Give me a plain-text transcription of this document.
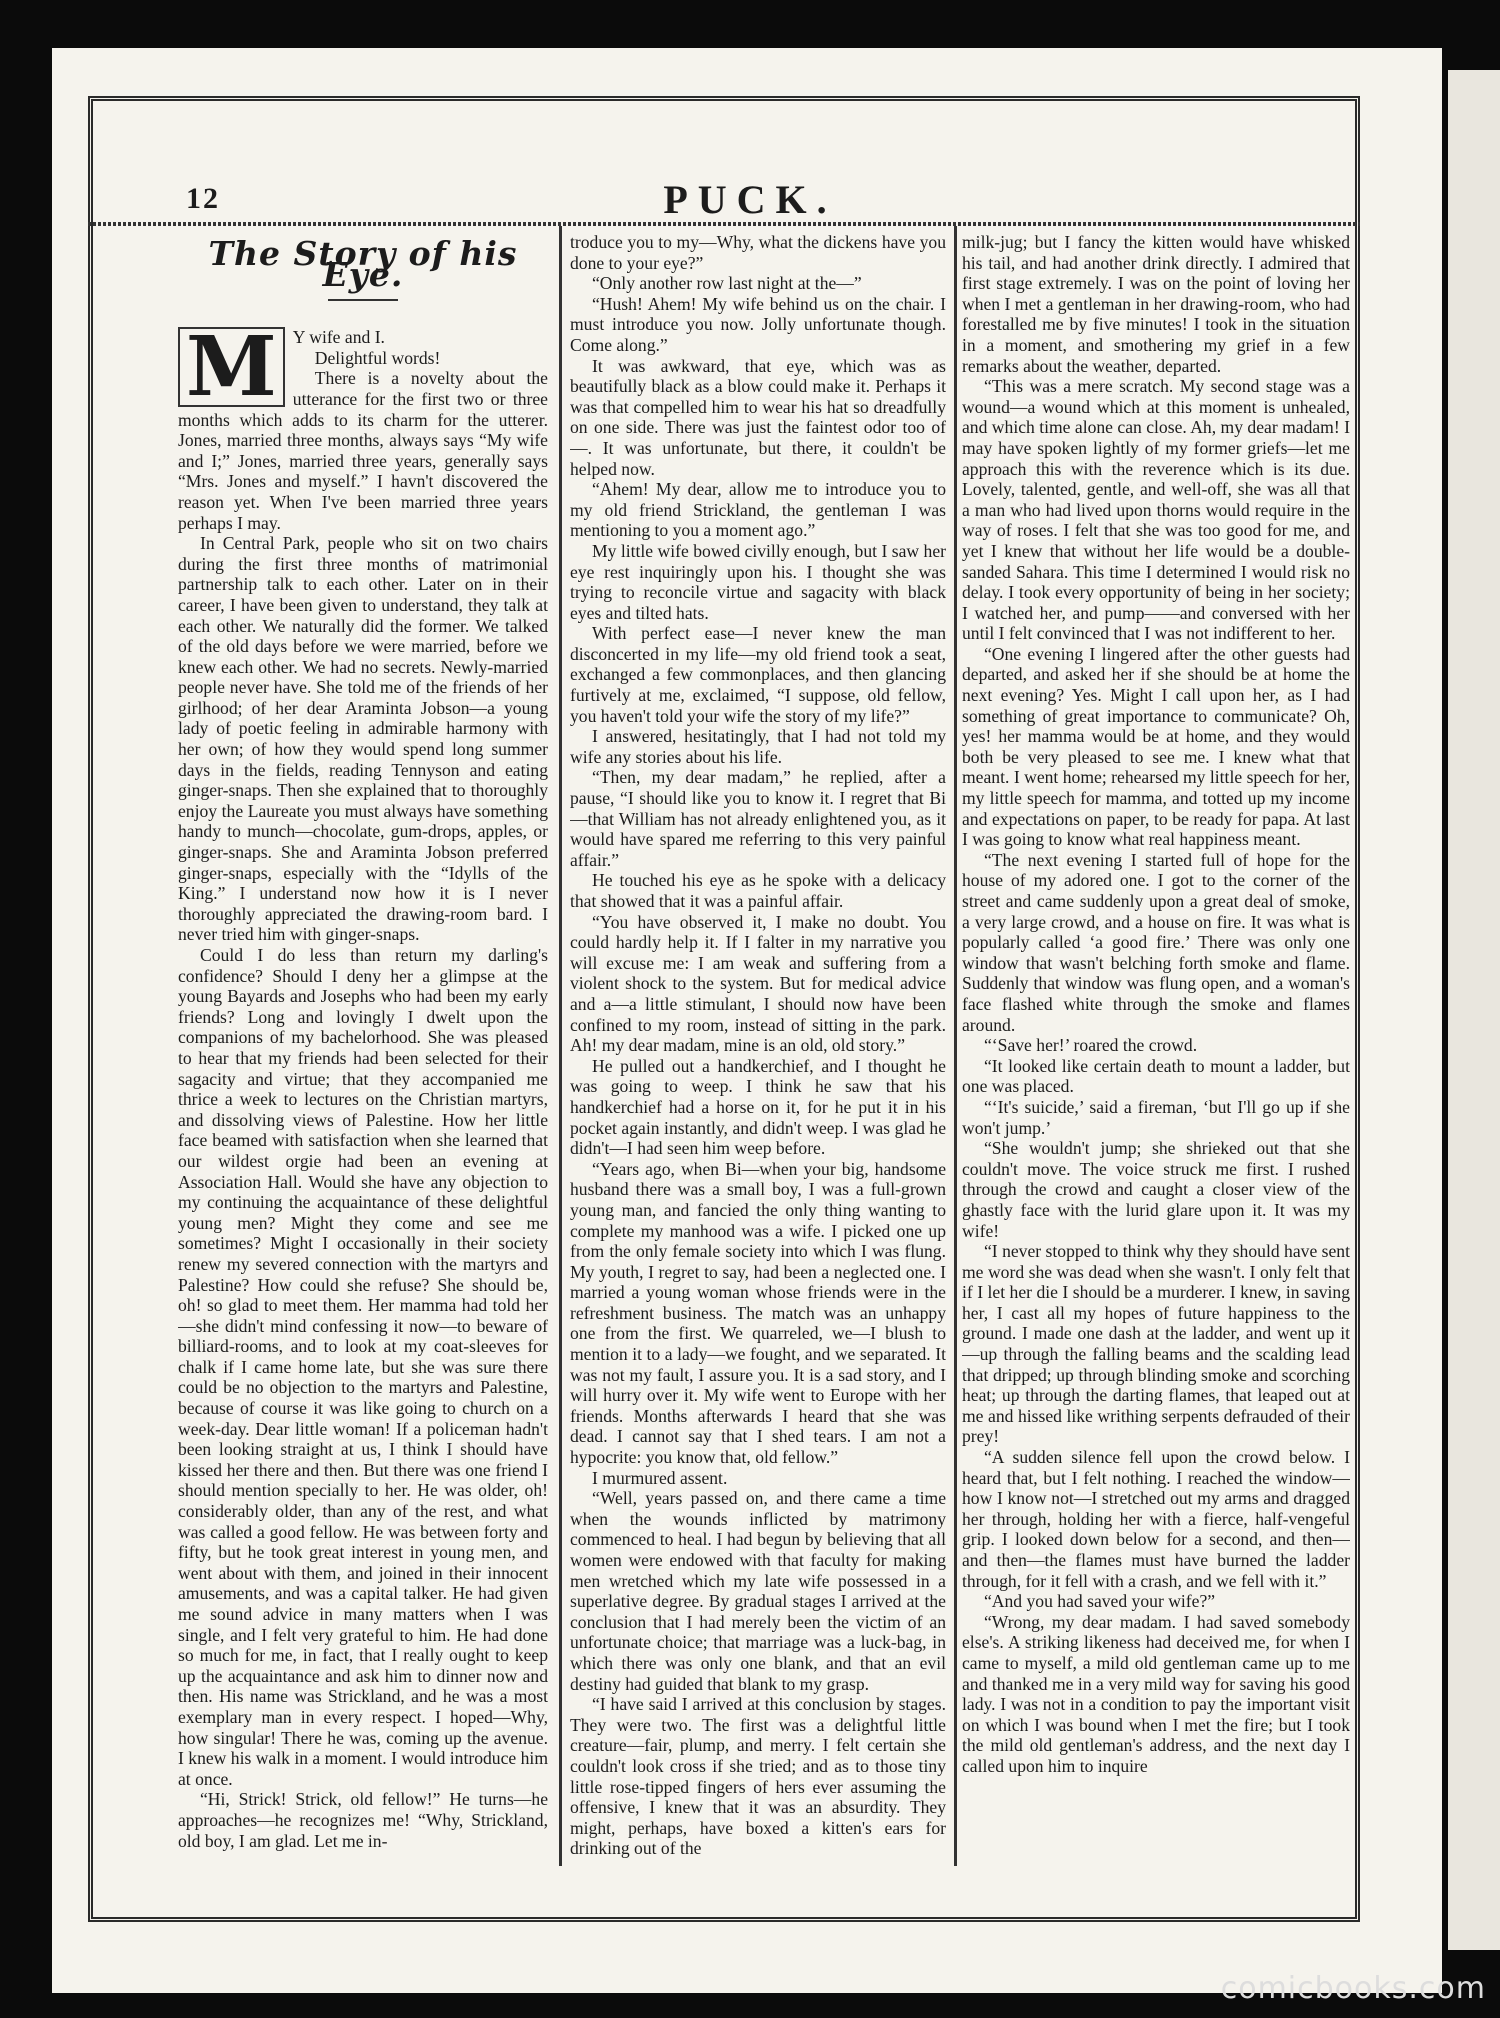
12	PUCK.
The Story of his Eye.
M Y wife and I.

Delightful words!

There is a novelty about the utterance for the first two or three months which adds to its charm for the utterer. Jones, married three months, always says “My wife and I;” Jones, married three years, generally says “Mrs. Jones and myself.” I havn't discovered the reason yet. When I've been married three years perhaps I may.

In Central Park, people who sit on two chairs during the first three months of matrimonial partnership talk to each other. Later on in their career, I have been given to understand, they talk at each other. We naturally did the former. We talked of the old days before we were married, before we knew each other. We had no secrets. Newly-married people never have. She told me of the friends of her girlhood; of her dear Araminta Jobson—a young lady of poetic feeling in admirable harmony with her own; of how they would spend long summer days in the fields, reading Tennyson and eating ginger-snaps. Then she explained that to thoroughly enjoy the Laureate you must always have something handy to munch—chocolate, gum-drops, apples, or ginger-snaps. She and Araminta Jobson preferred ginger-snaps, especially with the “Idylls of the King.” I understand now how it is I never thoroughly appreciated the drawing-room bard. I never tried him with ginger-snaps.

Could I do less than return my darling's confidence? Should I deny her a glimpse at the young Bayards and Josephs who had been my early friends? Long and lovingly I dwelt upon the companions of my bachelorhood. She was pleased to hear that my friends had been selected for their sagacity and virtue; that they accompanied me thrice a week to lectures on the Christian martyrs, and dissolving views of Palestine. How her little face beamed with satisfaction when she learned that our wildest orgie had been an evening at Association Hall. Would she have any objection to my continuing the acquaintance of these delightful young men? Might they come and see me sometimes? Might I occasionally in their society renew my severed connection with the martyrs and Palestine? How could she refuse? She should be, oh! so glad to meet them. Her mamma had told her—she didn't mind confessing it now—to beware of billiard-rooms, and to look at my coat-sleeves for chalk if I came home late, but she was sure there could be no objection to the martyrs and Palestine, because of course it was like going to church on a week-day. Dear little woman! If a policeman hadn't been looking straight at us, I think I should have kissed her there and then. But there was one friend I should mention specially to her. He was older, oh! considerably older, than any of the rest, and what was called a good fellow. He was between forty and fifty, but he took great interest in young men, and went about with them, and joined in their innocent amusements, and was a capital talker. He had given me sound advice in many matters when I was single, and I felt very grateful to him. He had done so much for me, in fact, that I really ought to keep up the acquaintance and ask him to dinner now and then. His name was Strickland, and he was a most exemplary man in every respect. I hoped—Why, how singular! There he was, coming up the avenue. I knew his walk in a moment. I would introduce him at once.

“Hi, Strick! Strick, old fellow!” He turns—he approaches—he recognizes me! “Why, Strickland, old boy, I am glad. Let me in-

troduce you to my—Why, what the dickens have you done to your eye?”

“Only another row last night at the—”

“Hush! Ahem! My wife behind us on the chair. I must introduce you now. Jolly unfortunate though. Come along.”

It was awkward, that eye, which was as beautifully black as a blow could make it. Perhaps it was that compelled him to wear his hat so dreadfully on one side. There was just the faintest odor too of—. It was unfortunate, but there, it couldn't be helped now.

“Ahem! My dear, allow me to introduce you to my old friend Strickland, the gentleman I was mentioning to you a moment ago.”

My little wife bowed civilly enough, but I saw her eye rest inquiringly upon his. I thought she was trying to reconcile virtue and sagacity with black eyes and tilted hats.

With perfect ease—I never knew the man disconcerted in my life—my old friend took a seat, exchanged a few commonplaces, and then glancing furtively at me, exclaimed, “I suppose, old fellow, you haven't told your wife the story of my life?”

I answered, hesitatingly, that I had not told my wife any stories about his life.

“Then, my dear madam,” he replied, after a pause, “I should like you to know it. I regret that Bi—that William has not already enlightened you, as it would have spared me referring to this very painful affair.”

He touched his eye as he spoke with a delicacy that showed that it was a painful affair.

“You have observed it, I make no doubt. You could hardly help it. If I falter in my narrative you will excuse me: I am weak and suffering from a violent shock to the system. But for medical advice and a—a little stimulant, I should now have been confined to my room, instead of sitting in the park. Ah! my dear madam, mine is an old, old story.”

He pulled out a handkerchief, and I thought he was going to weep. I think he saw that his handkerchief had a horse on it, for he put it in his pocket again instantly, and didn't weep. I was glad he didn't—I had seen him weep before.

“Years ago, when Bi—when your big, handsome husband there was a small boy, I was a full-grown young man, and fancied the only thing wanting to complete my manhood was a wife. I picked one up from the only female society into which I was flung. My youth, I regret to say, had been a neglected one. I married a young woman whose friends were in the refreshment business. The match was an unhappy one from the first. We quarreled, we—I blush to mention it to a lady—we fought, and we separated. It was not my fault, I assure you. It is a sad story, and I will hurry over it. My wife went to Europe with her friends. Months afterwards I heard that she was dead. I cannot say that I shed tears. I am not a hypocrite: you know that, old fellow.”

I murmured assent.

“Well, years passed on, and there came a time when the wounds inflicted by matrimony commenced to heal. I had begun by believing that all women were endowed with that faculty for making men wretched which my late wife possessed in a superlative degree. By gradual stages I arrived at the conclusion that I had merely been the victim of an unfortunate choice; that marriage was a luck-bag, in which there was only one blank, and that an evil destiny had guided that blank to my grasp.

“I have said I arrived at this conclusion by stages. They were two. The first was a delightful little creature—fair, plump, and merry. I felt certain she couldn't look cross if she tried; and as to those tiny little rose-tipped fingers of hers ever assuming the offensive, I knew that it was an absurdity. They might, perhaps, have boxed a kitten's ears for drinking out of the

milk-jug; but I fancy the kitten would have whisked his tail, and had another drink directly. I admired that first stage extremely. I was on the point of loving her when I met a gentleman in her drawing-room, who had forestalled me by five minutes! I took in the situation in a moment, and smothering my grief in a few remarks about the weather, departed.

“This was a mere scratch. My second stage was a wound—a wound which at this moment is unhealed, and which time alone can close. Ah, my dear madam! I may have spoken lightly of my former griefs—let me approach this with the reverence which is its due. Lovely, talented, gentle, and well-off, she was all that a man who had lived upon thorns would require in the way of roses. I felt that she was too good for me, and yet I knew that without her life would be a double-sanded Sahara. This time I determined I would risk no delay. I took every opportunity of being in her society; I watched her, and pump——and conversed with her until I felt convinced that I was not indifferent to her.

“One evening I lingered after the other guests had departed, and asked her if she should be at home the next evening? Yes. Might I call upon her, as I had something of great importance to communicate? Oh, yes! her mamma would be at home, and they would both be very pleased to see me. I knew what that meant. I went home; rehearsed my little speech for her, my little speech for mamma, and totted up my income and expectations on paper, to be ready for papa. At last I was going to know what real happiness meant.

“The next evening I started full of hope for the house of my adored one. I got to the corner of the street and came suddenly upon a great deal of smoke, a very large crowd, and a house on fire. It was what is popularly called ‘a good fire.’ There was only one window that wasn't belching forth smoke and flame. Suddenly that window was flung open, and a woman's face flashed white through the smoke and flames around.

“‘Save her!’ roared the crowd.

“It looked like certain death to mount a ladder, but one was placed.

“‘It's suicide,’ said a fireman, ‘but I'll go up if she won't jump.’

“She wouldn't jump; she shrieked out that she couldn't move. The voice struck me first. I rushed through the crowd and caught a closer view of the ghastly face with the lurid glare upon it. It was my wife!

“I never stopped to think why they should have sent me word she was dead when she wasn't. I only felt that if I let her die I should be a murderer. I knew, in saving her, I cast all my hopes of future happiness to the ground. I made one dash at the ladder, and went up it—up through the falling beams and the scalding lead that dripped; up through blinding smoke and scorching heat; up through the darting flames, that leaped out at me and hissed like writhing serpents defrauded of their prey!

“A sudden silence fell upon the crowd below. I heard that, but I felt nothing. I reached the window—how I know not—I stretched out my arms and dragged her through, holding her with a fierce, half-vengeful grip. I looked down below for a second, and then—and then—the flames must have burned the ladder through, for it fell with a crash, and we fell with it.”

“And you had saved your wife?”

“Wrong, my dear madam. I had saved somebody else's. A striking likeness had deceived me, for when I came to myself, a mild old gentleman came up to me and thanked me in a very mild way for saving his good lady. I was not in a condition to pay the important visit on which I was bound when I met the fire; but I took the mild old gentleman's address, and the next day I called upon him to inquire

comicbooks.com
